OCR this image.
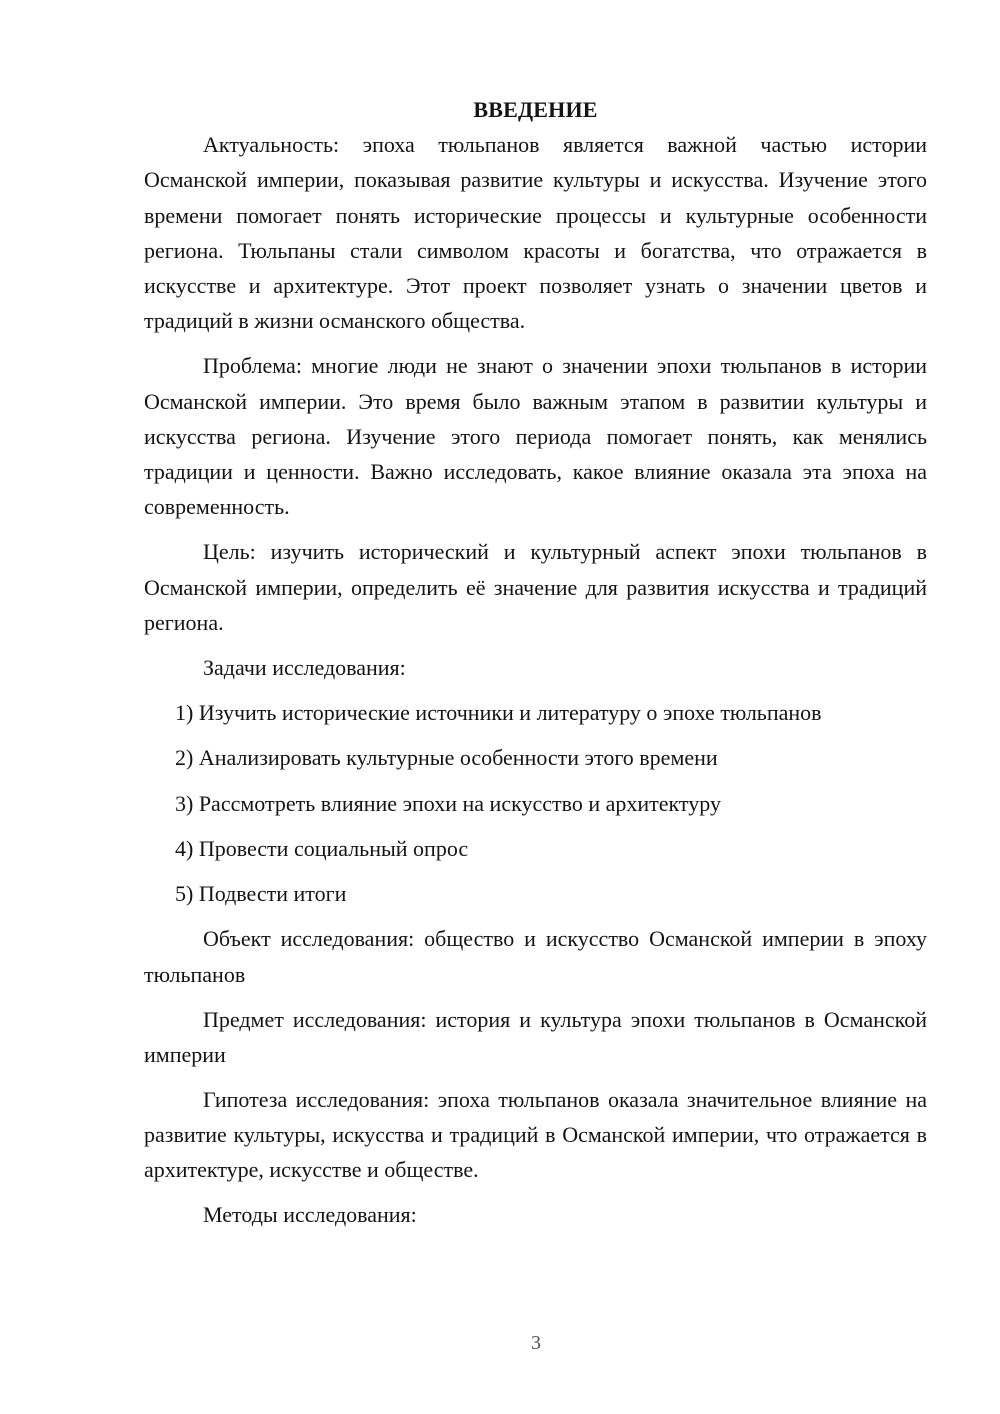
ВВЕДЕНИЕ

Актуальность: эпоха тюльпанов является важной частью истории Османской империи, показывая развитие культуры и искусства. Изучение этого времени помогает понять исторические процессы и культурные особенности региона. Тюльпаны стали символом красоты и богатства, что отражается в искусстве и архитектуре. Этот проект позволяет узнать о значении цветов и традиций в жизни османского общества.

Проблема: многие люди не знают о значении эпохи тюльпанов в истории Османской империи. Это время было важным этапом в развитии культуры и искусства региона. Изучение этого периода помогает понять, как менялись традиции и ценности. Важно исследовать, какое влияние оказала эта эпоха на современность.

Цель: изучить исторический и культурный аспект эпохи тюльпанов в Османской империи, определить её значение для развития искусства и традиций региона.

Задачи исследования:
1) Изучить исторические источники и литературу о эпохе тюльпанов
2) Анализировать культурные особенности этого времени
3) Рассмотреть влияние эпохи на искусство и архитектуру
4) Провести социальный опрос
5) Подвести итоги

Объект исследования: общество и искусство Османской империи в эпоху тюльпанов

Предмет исследования: история и культура эпохи тюльпанов в Османской империи

Гипотеза исследования: эпоха тюльпанов оказала значительное влияние на развитие культуры, искусства и традиций в Османской империи, что отражается в архитектуре, искусстве и обществе.

Методы исследования:

3
